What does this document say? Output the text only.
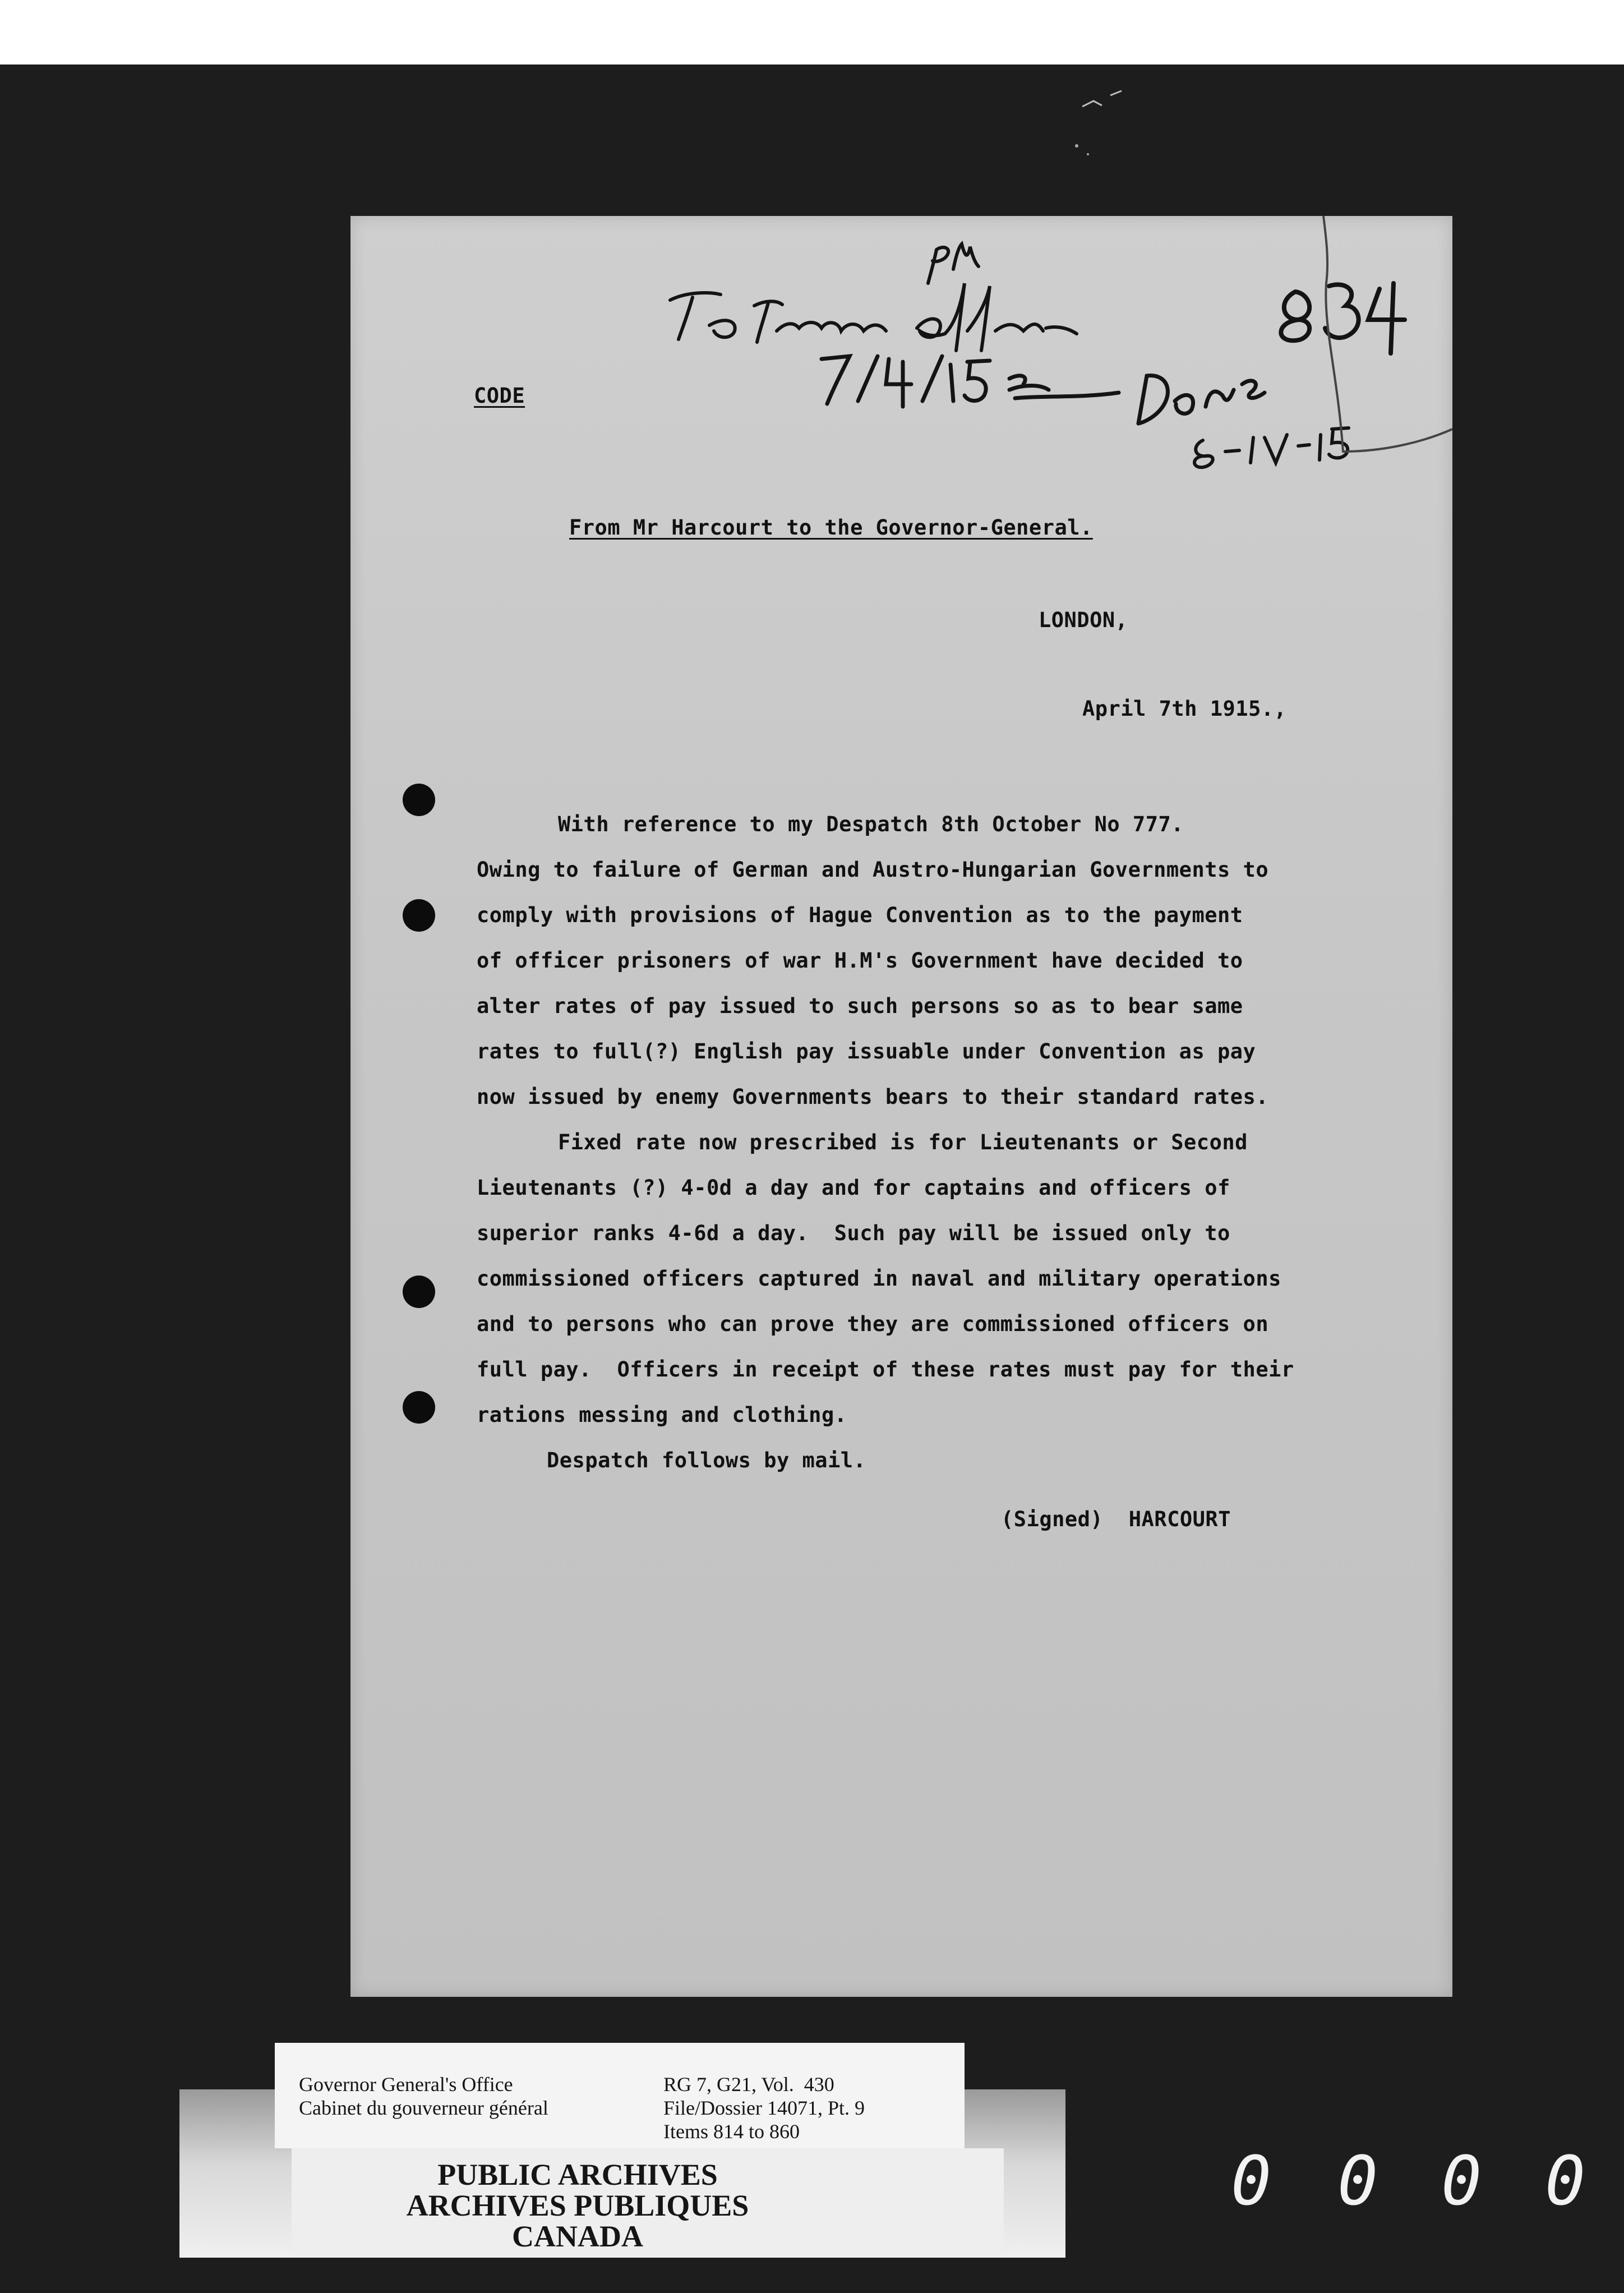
CODE
From Mr Harcourt to the Governor-General.
LONDON,
April 7th 1915.,
With reference to my Despatch 8th October No 777.
Owing to failure of German and Austro-Hungarian Governments to
comply with provisions of Hague Convention as to the payment
of officer prisoners of war H.M's Government have decided to
alter rates of pay issued to such persons so as to bear same
rates to full(?) English pay issuable under Convention as pay
now issued by enemy Governments bears to their standard rates.
Fixed rate now prescribed is for Lieutenants or Second
Lieutenants (?) 4-0d a day and for captains and officers of
superior ranks 4-6d a day.  Such pay will be issued only to
commissioned officers captured in naval and military operations
and to persons who can prove they are commissioned officers on
full pay.  Officers in receipt of these rates must pay for their
rations messing and clothing.
Despatch follows by mail.
(Signed)  HARCOURT
PUBLIC ARCHIVES
ARCHIVES PUBLIQUES
CANADA
Governor General's Office
Cabinet du gouverneur général
RG 7, G21, Vol.  430
File/Dossier 14071, Pt. 9
Items 814 to 860
0 0 0 0
